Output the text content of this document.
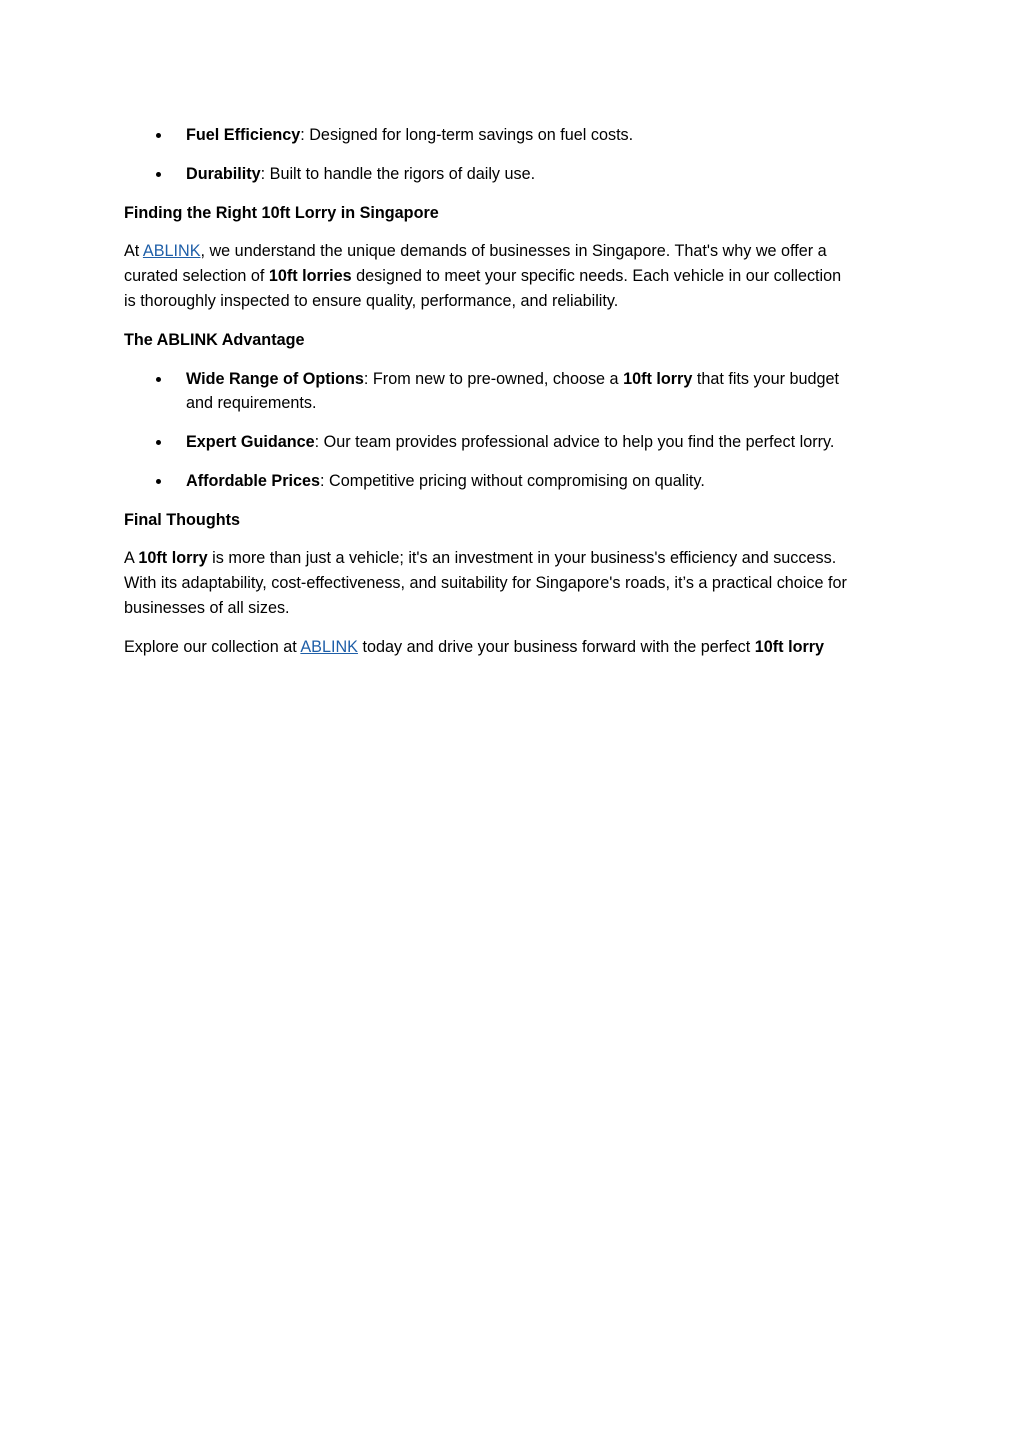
Fuel Efficiency: Designed for long-term savings on fuel costs.
Durability: Built to handle the rigors of daily use.
Finding the Right 10ft Lorry in Singapore
At ABLINK, we understand the unique demands of businesses in Singapore. That's why we offer a
curated selection of 10ft lorries designed to meet your specific needs. Each vehicle in our collection
is thoroughly inspected to ensure quality, performance, and reliability.
The ABLINK Advantage
Wide Range of Options: From new to pre-owned, choose a 10ft lorry that fits your budget
and requirements.
Expert Guidance: Our team provides professional advice to help you find the perfect lorry.
Affordable Prices: Competitive pricing without compromising on quality.
Final Thoughts
A 10ft lorry is more than just a vehicle; it's an investment in your business's efficiency and success.
With its adaptability, cost-effectiveness, and suitability for Singapore's roads, it’s a practical choice for
businesses of all sizes.
Explore our collection at ABLINK today and drive your business forward with the perfect 10ft lorry
